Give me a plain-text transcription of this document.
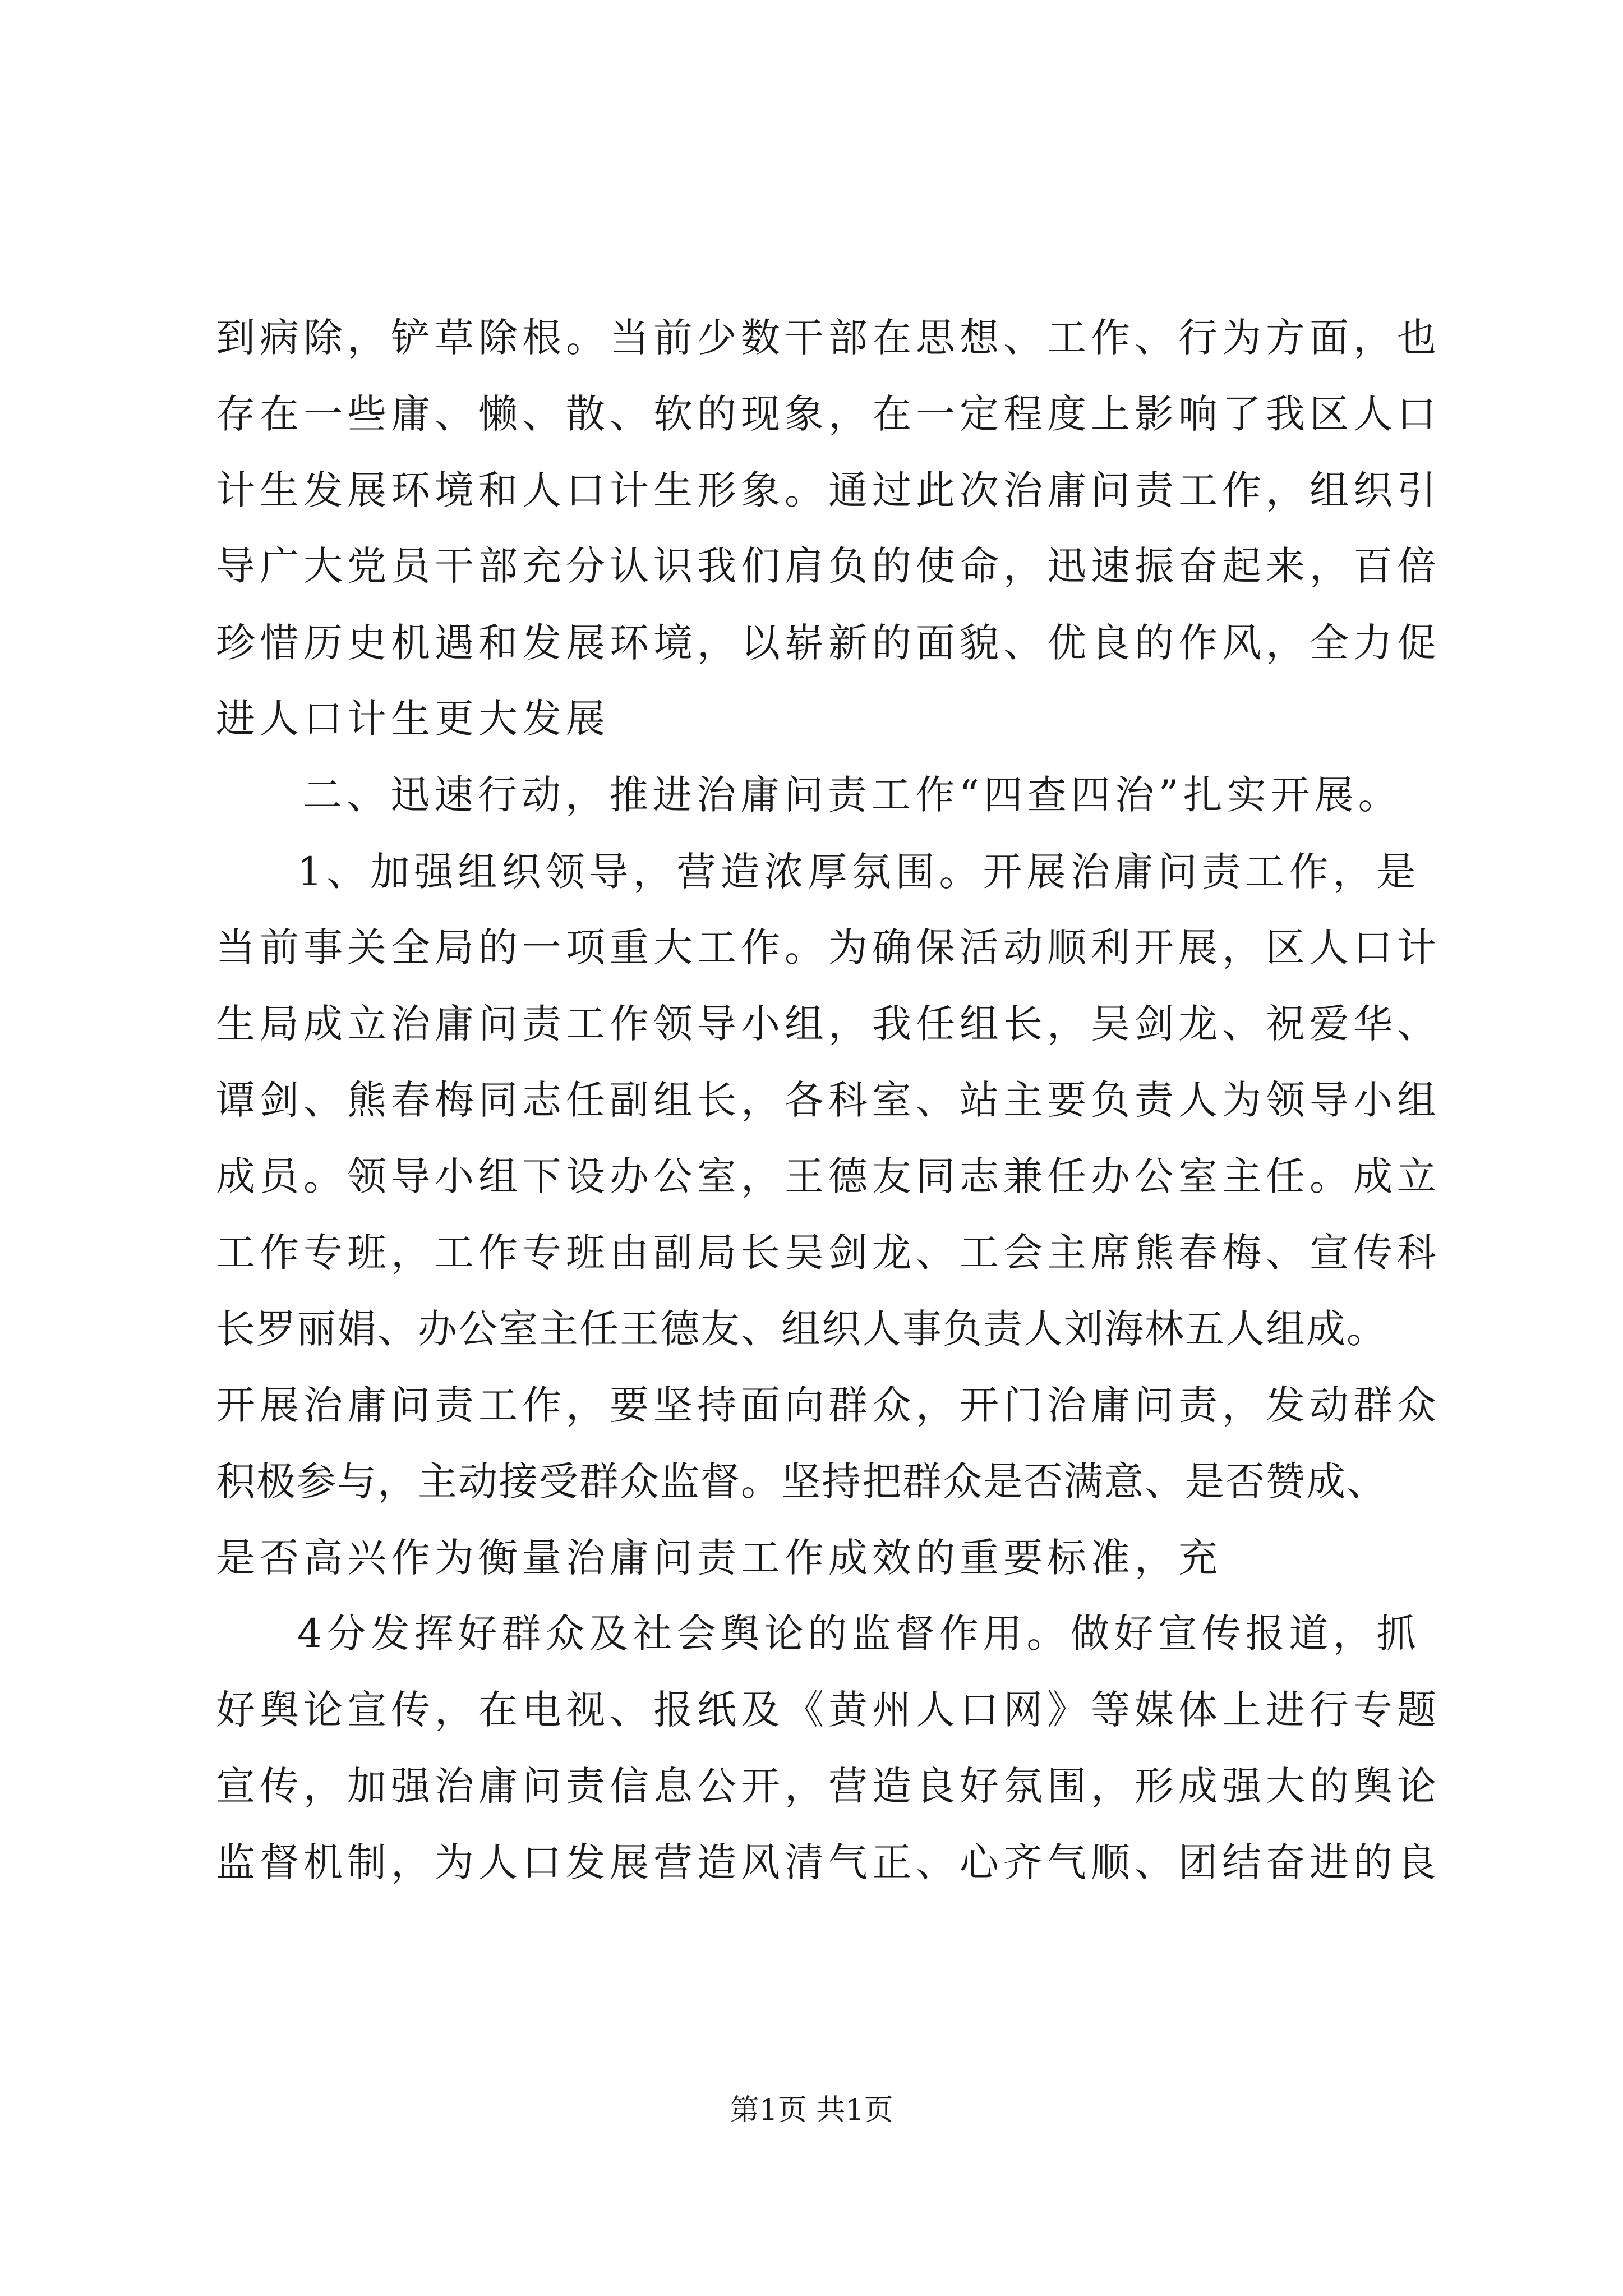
到病除，铲草除根。当前少数干部在思想、工作、行为方面，也
存在一些庸、懒、散、软的现象，在一定程度上影响了我区人口
计生发展环境和人口计生形象。通过此次治庸问责工作，组织引
导广大党员干部充分认识我们肩负的使命，迅速振奋起来，百倍
珍惜历史机遇和发展环境，以崭新的面貌、优良的作风，全力促
进人口计生更大发展
二、迅速行动，推进治庸问责工作“四查四治”扎实开展。
1、加强组织领导，营造浓厚氛围。开展治庸问责工作，是
当前事关全局的一项重大工作。为确保活动顺利开展，区人口计
生局成立治庸问责工作领导小组，我任组长，吴剑龙、祝爱华、
谭剑、熊春梅同志任副组长，各科室、站主要负责人为领导小组
成员。领导小组下设办公室，王德友同志兼任办公室主任。成立
工作专班，工作专班由副局长吴剑龙、工会主席熊春梅、宣传科
长罗丽娟、办公室主任王德友、组织人事负责人刘海林五人组成。
开展治庸问责工作，要坚持面向群众，开门治庸问责，发动群众
积极参与，主动接受群众监督。坚持把群众是否满意、是否赞成、
是否高兴作为衡量治庸问责工作成效的重要标准，充
4分发挥好群众及社会舆论的监督作用。做好宣传报道，抓
好舆论宣传，在电视、报纸及《黄州人口网》等媒体上进行专题
宣传，加强治庸问责信息公开，营造良好氛围，形成强大的舆论
监督机制，为人口发展营造风清气正、心齐气顺、团结奋进的良
第1页 共1页
